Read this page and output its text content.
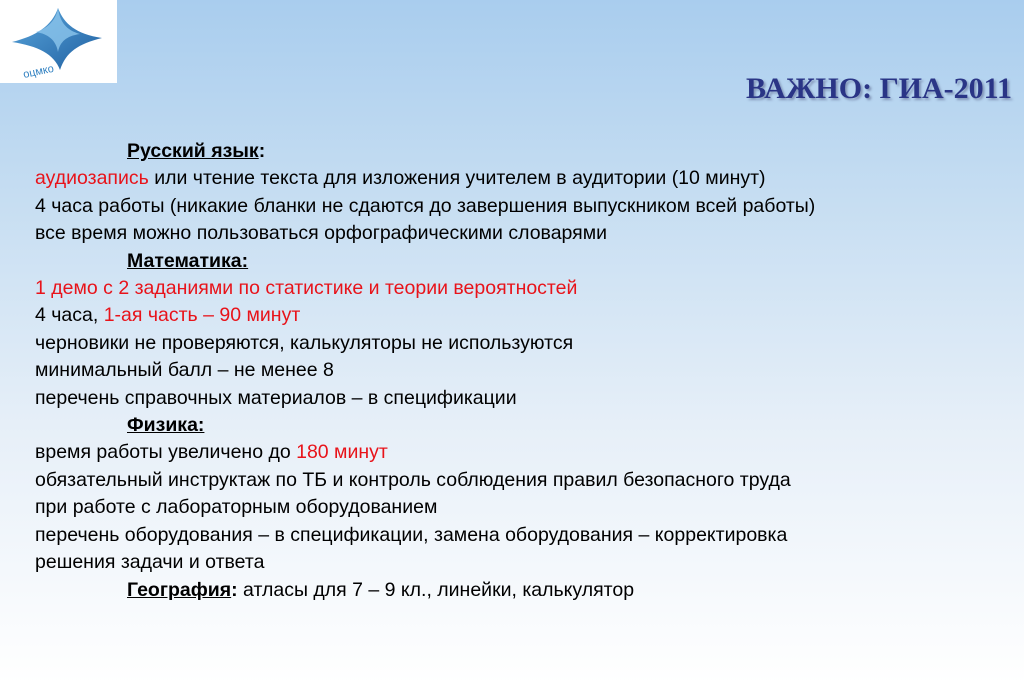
оцмко
ВАЖНО: ГИА-2011
Русский язык:
аудиозапись или чтение текста для изложения учителем в аудитории (10 минут)
4 часа работы (никакие бланки не сдаются до завершения выпускником всей работы)
все время можно пользоваться орфографическими словарями
Математика:
1 демо с 2 заданиями по статистике и теории вероятностей
4 часа, 1-ая часть – 90 минут
черновики не проверяются, калькуляторы не используются
минимальный балл – не менее 8
перечень справочных материалов – в спецификации
Физика:
время работы увеличено до 180 минут
обязательный инструктаж по ТБ и контроль соблюдения правил безопасного труда
при работе с лабораторным оборудованием
перечень оборудования – в спецификации, замена оборудования – корректировка
решения задачи и ответа
География: атласы для 7 – 9 кл., линейки, калькулятор
